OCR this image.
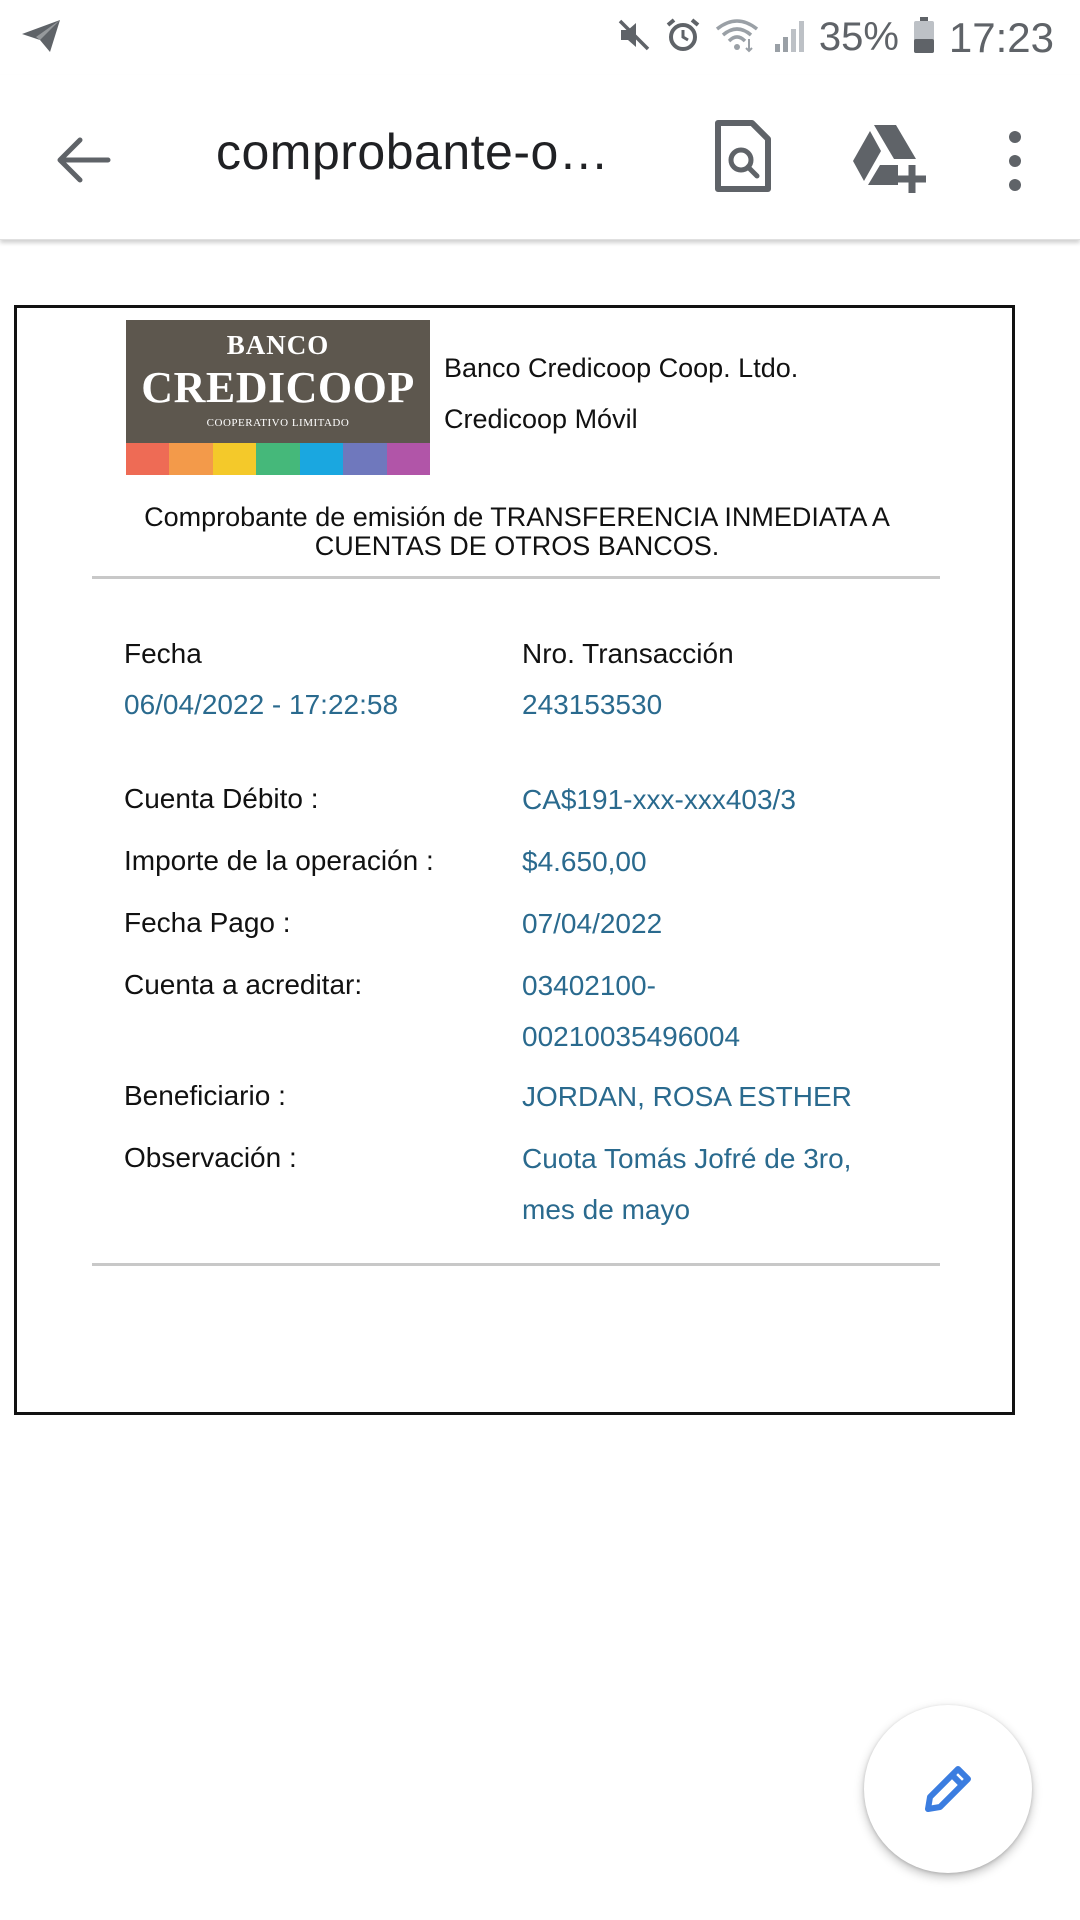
35% 17:23
comprobante-o…
BANCO
CREDICOOP
COOPERATIVO LIMITADO
Banco Credicoop Coop. Ltdo.
Credicoop Móvil
Comprobante de emisión de TRANSFERENCIA INMEDIATA A
CUENTAS DE OTROS BANCOS.
Fecha	Nro. Transacción
06/04/2022 - 17:22:58	243153530
Cuenta Débito :	CA$191-xxx-xxx403/3
Importe de la operación :	$4.650,00
Fecha Pago :	07/04/2022
Cuenta a acreditar:	03402100-
00210035496004
Beneficiario :	JORDAN, ROSA ESTHER
Observación :	Cuota Tomás Jofré de 3ro,
mes de mayo
